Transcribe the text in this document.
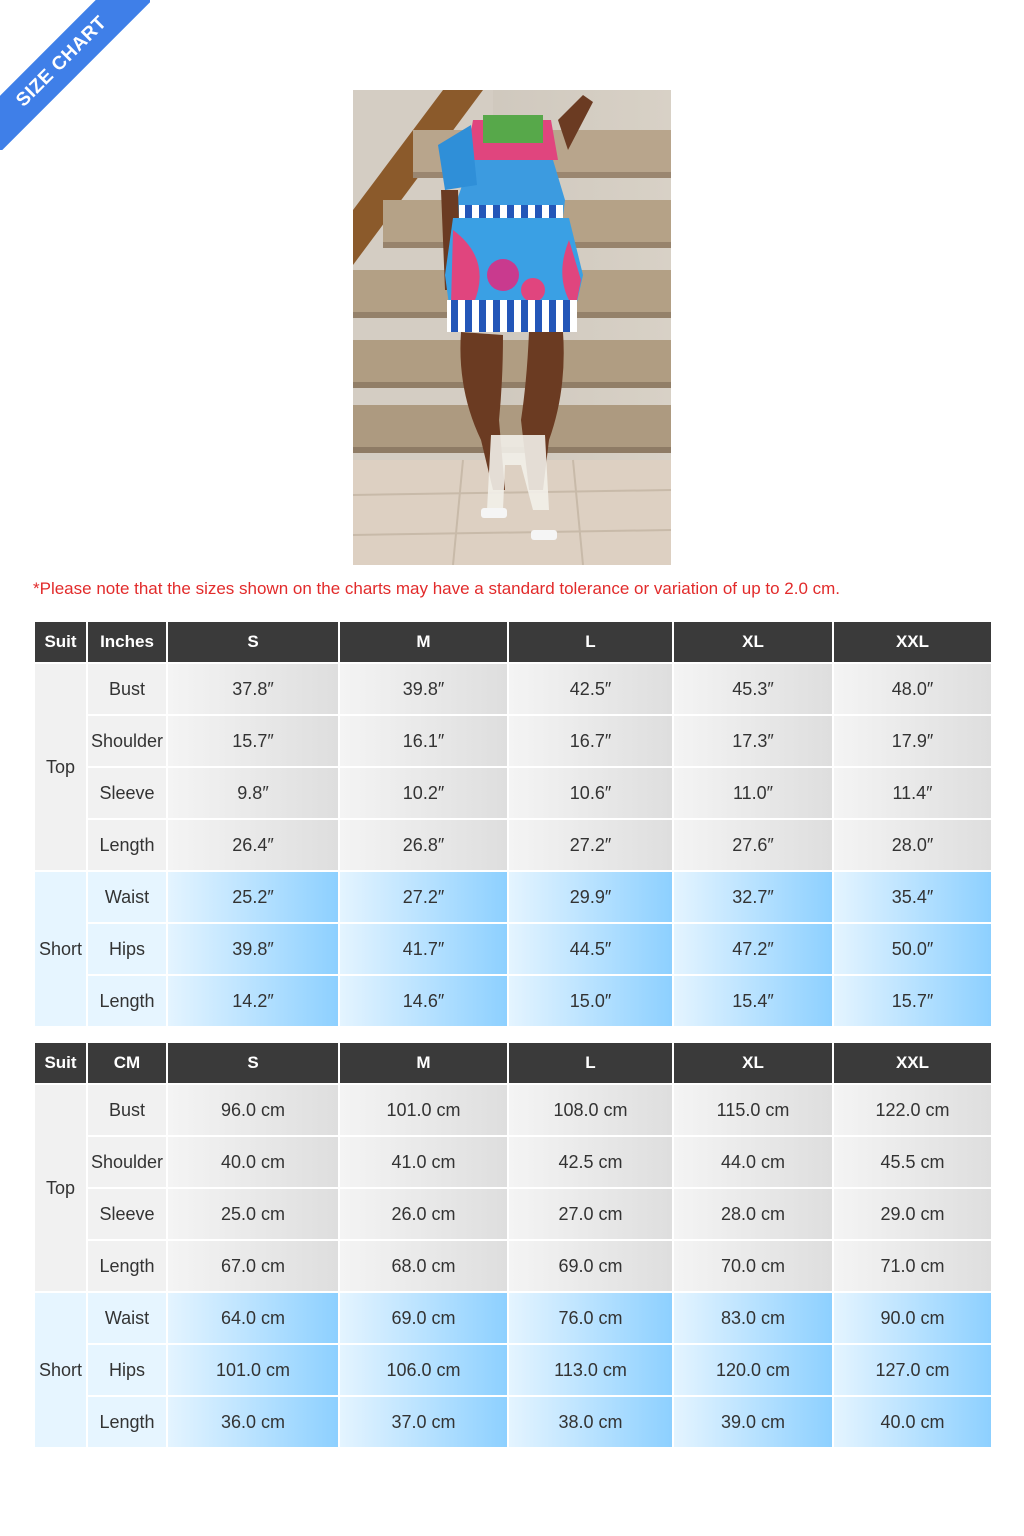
SIZE CHART
*Please note that the sizes shown on the charts may have a standard tolerance or variation of up to 2.0 cm.
Suit	Inches	S	M	L	XL	XXL
Top	Bust	37.8″	39.8″	42.5″	45.3″	48.0″
	Shoulder	15.7″	16.1″	16.7″	17.3″	17.9″
	Sleeve	9.8″	10.2″	10.6″	11.0″	11.4″
	Length	26.4″	26.8″	27.2″	27.6″	28.0″
Short	Waist	25.2″	27.2″	29.9″	32.7″	35.4″
	Hips	39.8″	41.7″	44.5″	47.2″	50.0″
	Length	14.2″	14.6″	15.0″	15.4″	15.7″
Suit	CM	S	M	L	XL	XXL
Top	Bust	96.0 cm	101.0 cm	108.0 cm	115.0 cm	122.0 cm
	Shoulder	40.0 cm	41.0 cm	42.5 cm	44.0 cm	45.5 cm
	Sleeve	25.0 cm	26.0 cm	27.0 cm	28.0 cm	29.0 cm
	Length	67.0 cm	68.0 cm	69.0 cm	70.0 cm	71.0 cm
Short	Waist	64.0 cm	69.0 cm	76.0 cm	83.0 cm	90.0 cm
	Hips	101.0 cm	106.0 cm	113.0 cm	120.0 cm	127.0 cm
	Length	36.0 cm	37.0 cm	38.0 cm	39.0 cm	40.0 cm
